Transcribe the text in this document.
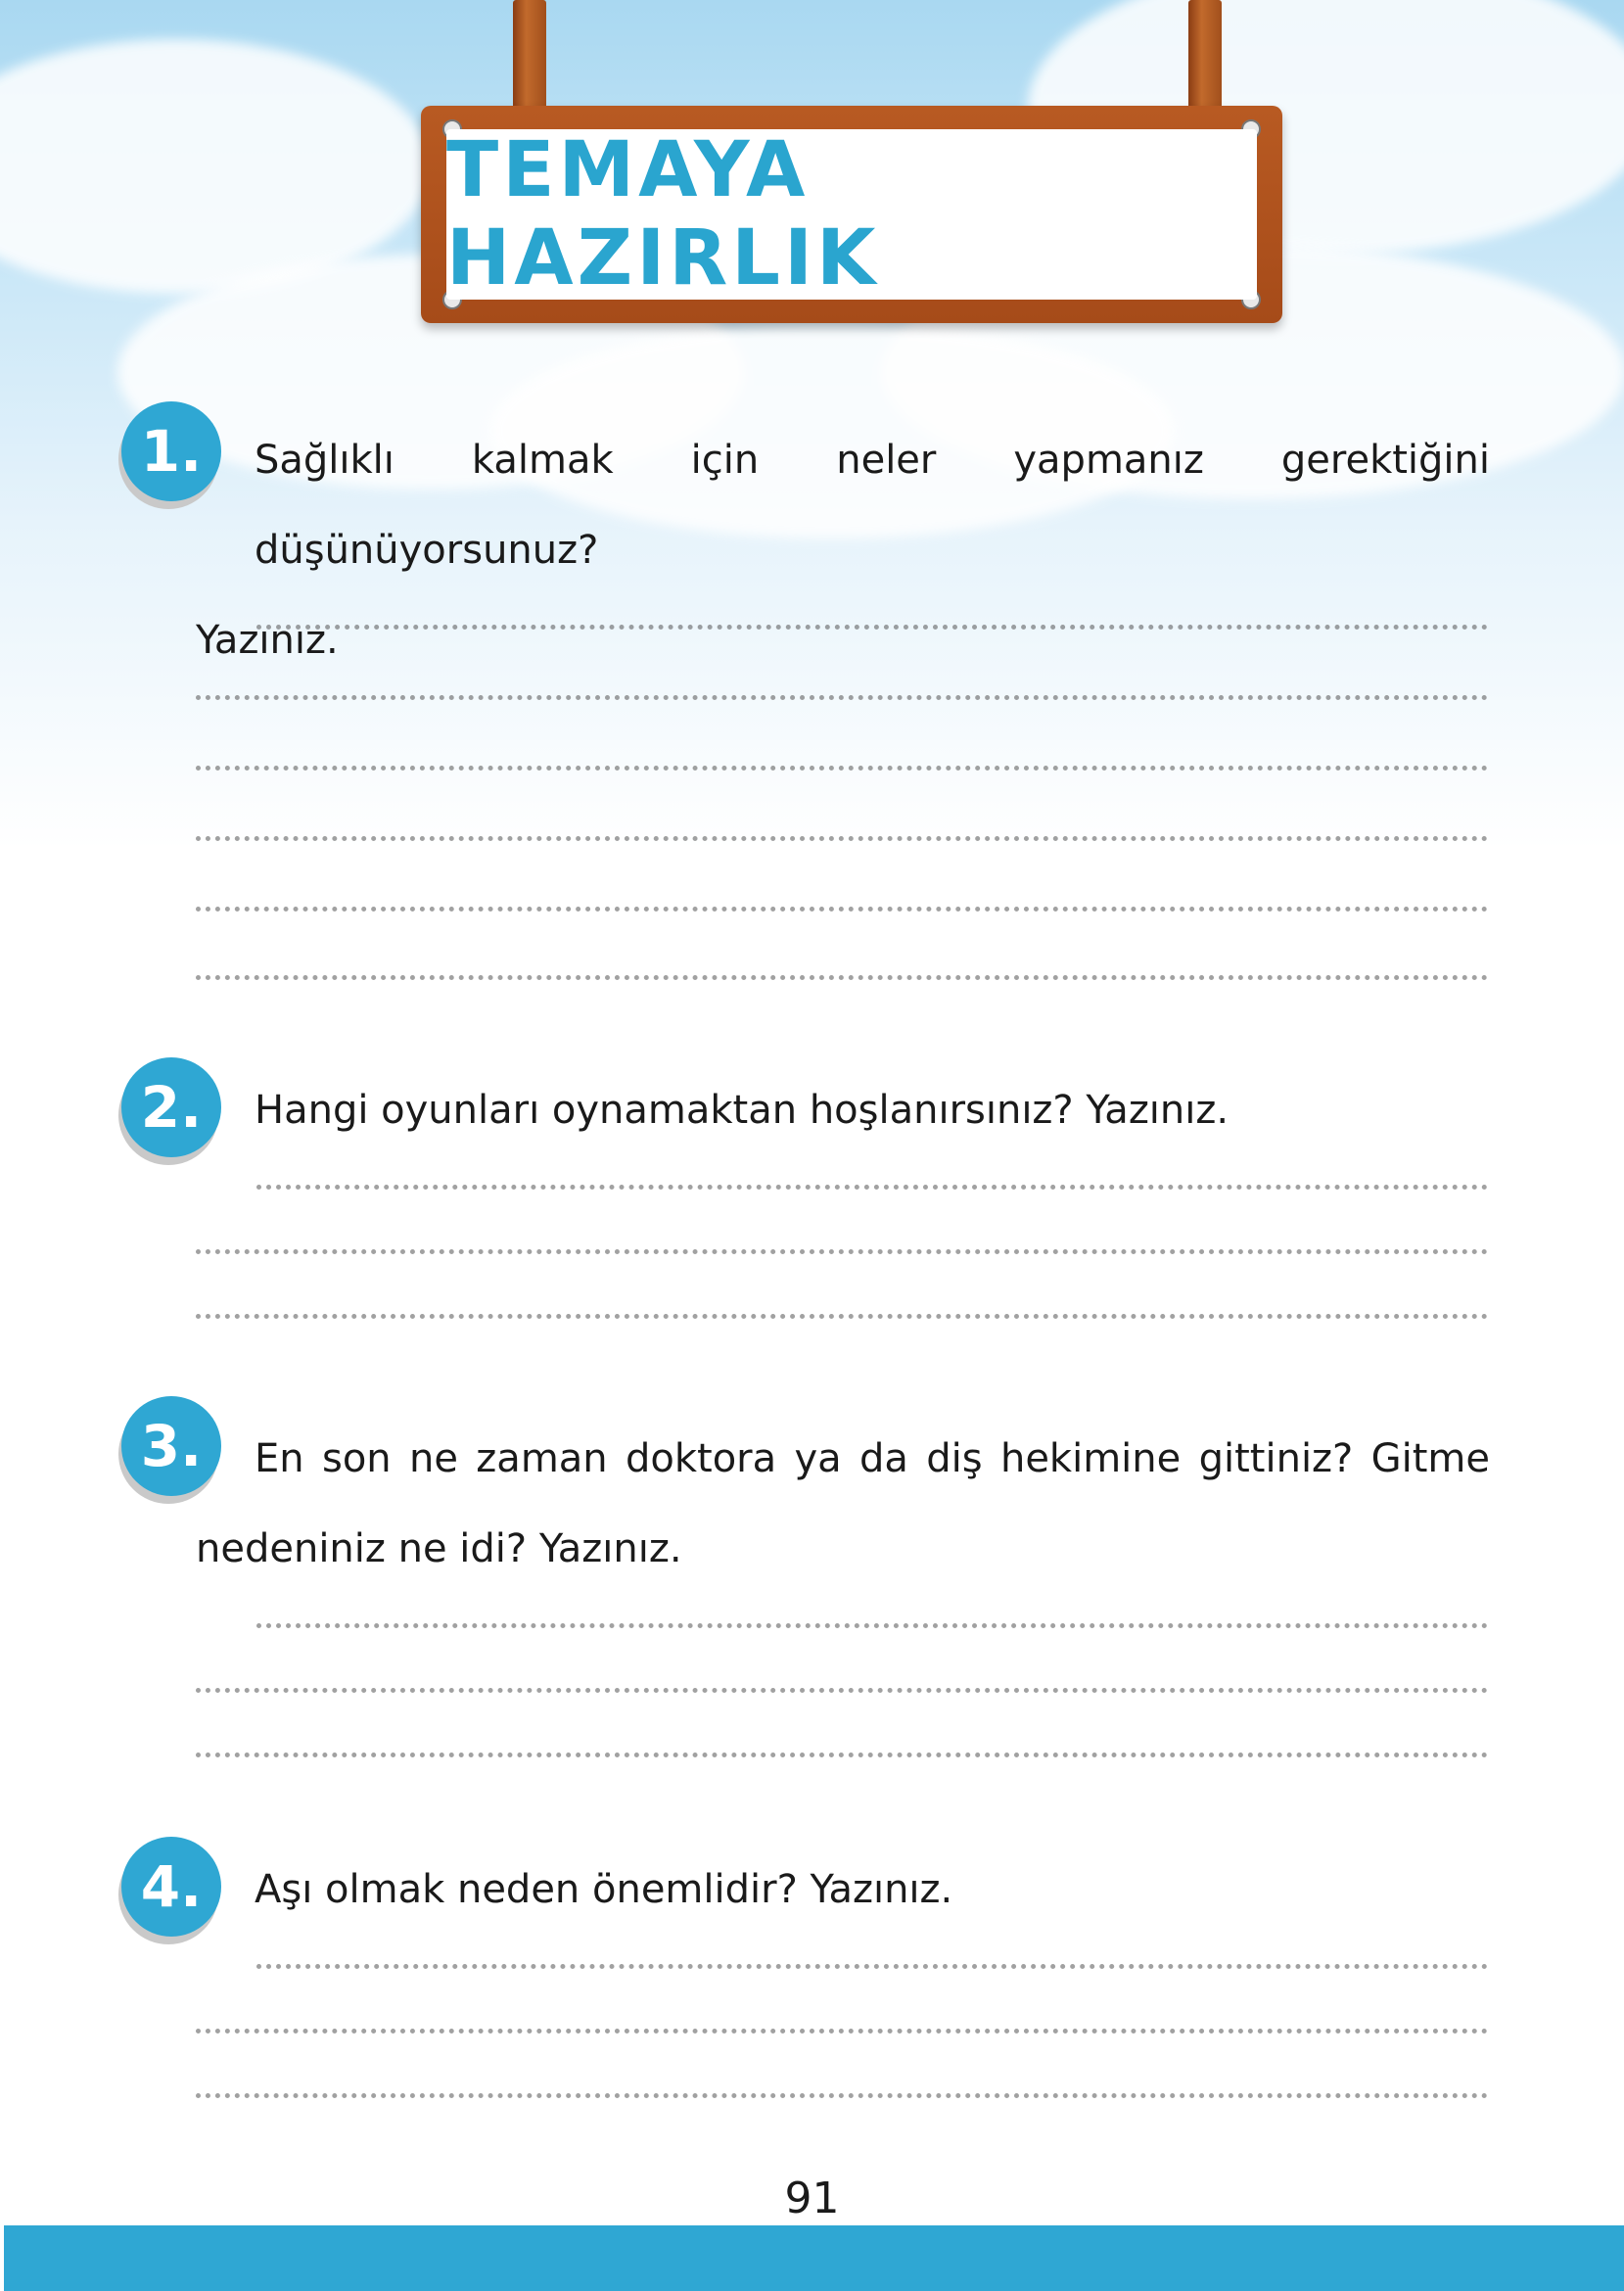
TEMAYA HAZIRLIK
1.	Sağlıklı kalmak için neler yapmanız gerektiğini düşünüyorsunuz?
Yazınız.
2. Hangi oyunları oynamaktan hoşlanırsınız? Yazınız.
3.	En son ne zaman doktora ya da diş hekimine gittiniz? Gitme
nedeniniz ne idi? Yazınız.
4. Aşı olmak neden önemlidir? Yazınız.
91
